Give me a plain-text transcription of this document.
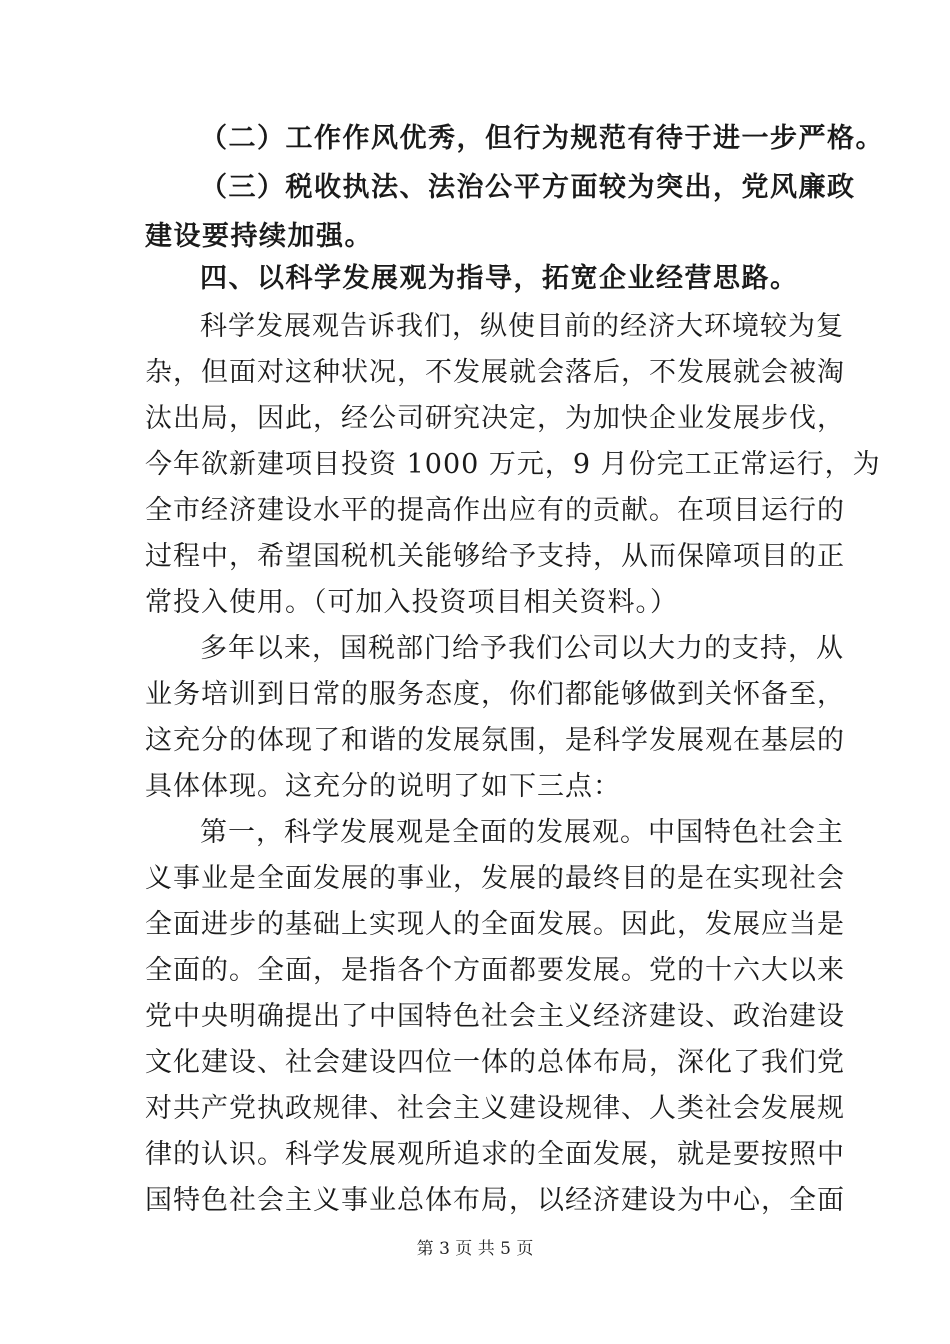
（二）工作作风优秀，但行为规范有待于进一步严格。
（三）税收执法、法治公平方面较为突出，党风廉政
建设要持续加强。
四、以科学发展观为指导，拓宽企业经营思路。
科学发展观告诉我们，纵使目前的经济大环境较为复
杂，但面对这种状况，不发展就会落后，不发展就会被淘
汰出局，因此，经公司研究决定，为加快企业发展步伐，
今年欲新建项目投资 1000 万元，9 月份完工正常运行，为
全市经济建设水平的提高作出应有的贡献。在项目运行的
过程中，希望国税机关能够给予支持，从而保障项目的正
常投入使用。（可加入投资项目相关资料。）
多年以来，国税部门给予我们公司以大力的支持，从
业务培训到日常的服务态度，你们都能够做到关怀备至，
这充分的体现了和谐的发展氛围，是科学发展观在基层的
具体体现。这充分的说明了如下三点：
第一，科学发展观是全面的发展观。中国特色社会主
义事业是全面发展的事业，发展的最终目的是在实现社会
全面进步的基础上实现人的全面发展。因此，发展应当是
全面的。全面，是指各个方面都要发展。党的十六大以来
党中央明确提出了中国特色社会主义经济建设、政治建设
文化建设、社会建设四位一体的总体布局，深化了我们党
对共产党执政规律、社会主义建设规律、人类社会发展规
律的认识。科学发展观所追求的全面发展，就是要按照中
国特色社会主义事业总体布局，以经济建设为中心，全面
第 3 页 共 5 页
